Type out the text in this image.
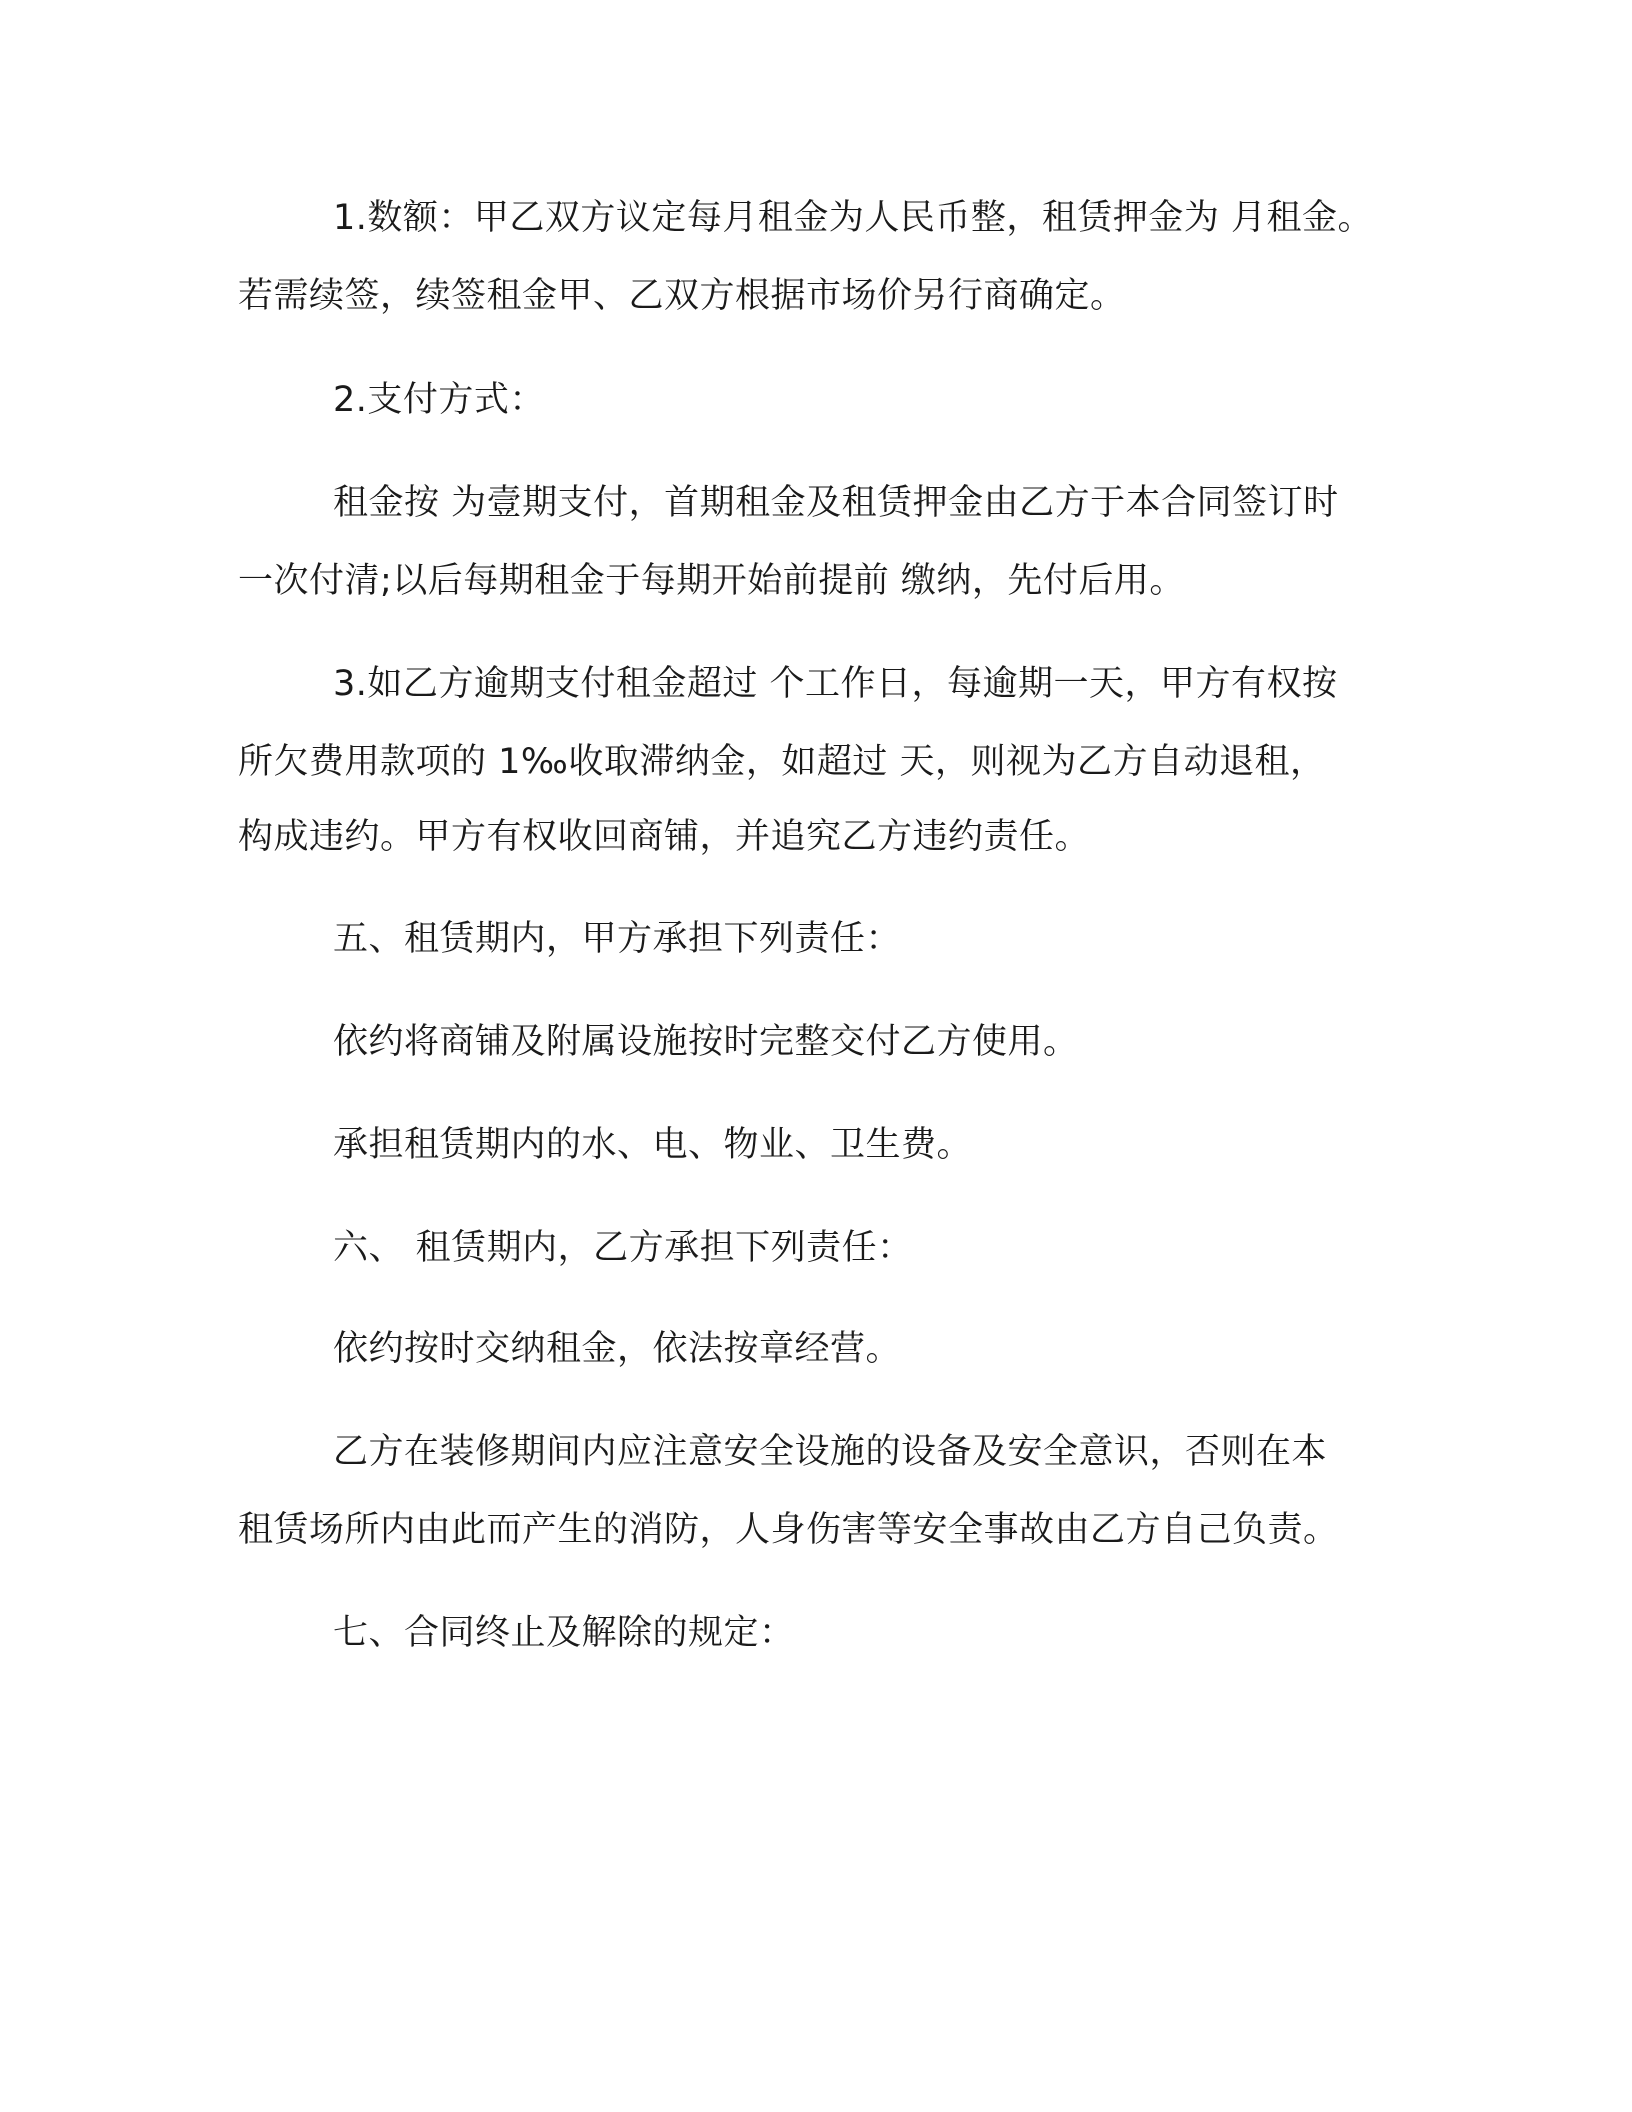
1.数额：甲乙双方议定每月租金为人民币整，租赁押金为 月租金。
若需续签，续签租金甲、乙双方根据市场价另行商确定。
2.支付方式：
租金按 为壹期支付，首期租金及租赁押金由乙方于本合同签订时
一次付清;以后每期租金于每期开始前提前 缴纳，先付后用。
3.如乙方逾期支付租金超过 个工作日，每逾期一天，甲方有权按
所欠费用款项的 1‰收取滞纳金，如超过 天，则视为乙方自动退租，
构成违约。甲方有权收回商铺，并追究乙方违约责任。
五、租赁期内，甲方承担下列责任：
依约将商铺及附属设施按时完整交付乙方使用。
承担租赁期内的水、电、物业、卫生费。
六、 租赁期内，乙方承担下列责任：
依约按时交纳租金，依法按章经营。
乙方在装修期间内应注意安全设施的设备及安全意识，否则在本
租赁场所内由此而产生的消防，人身伤害等安全事故由乙方自己负责。
七、合同终止及解除的规定：
